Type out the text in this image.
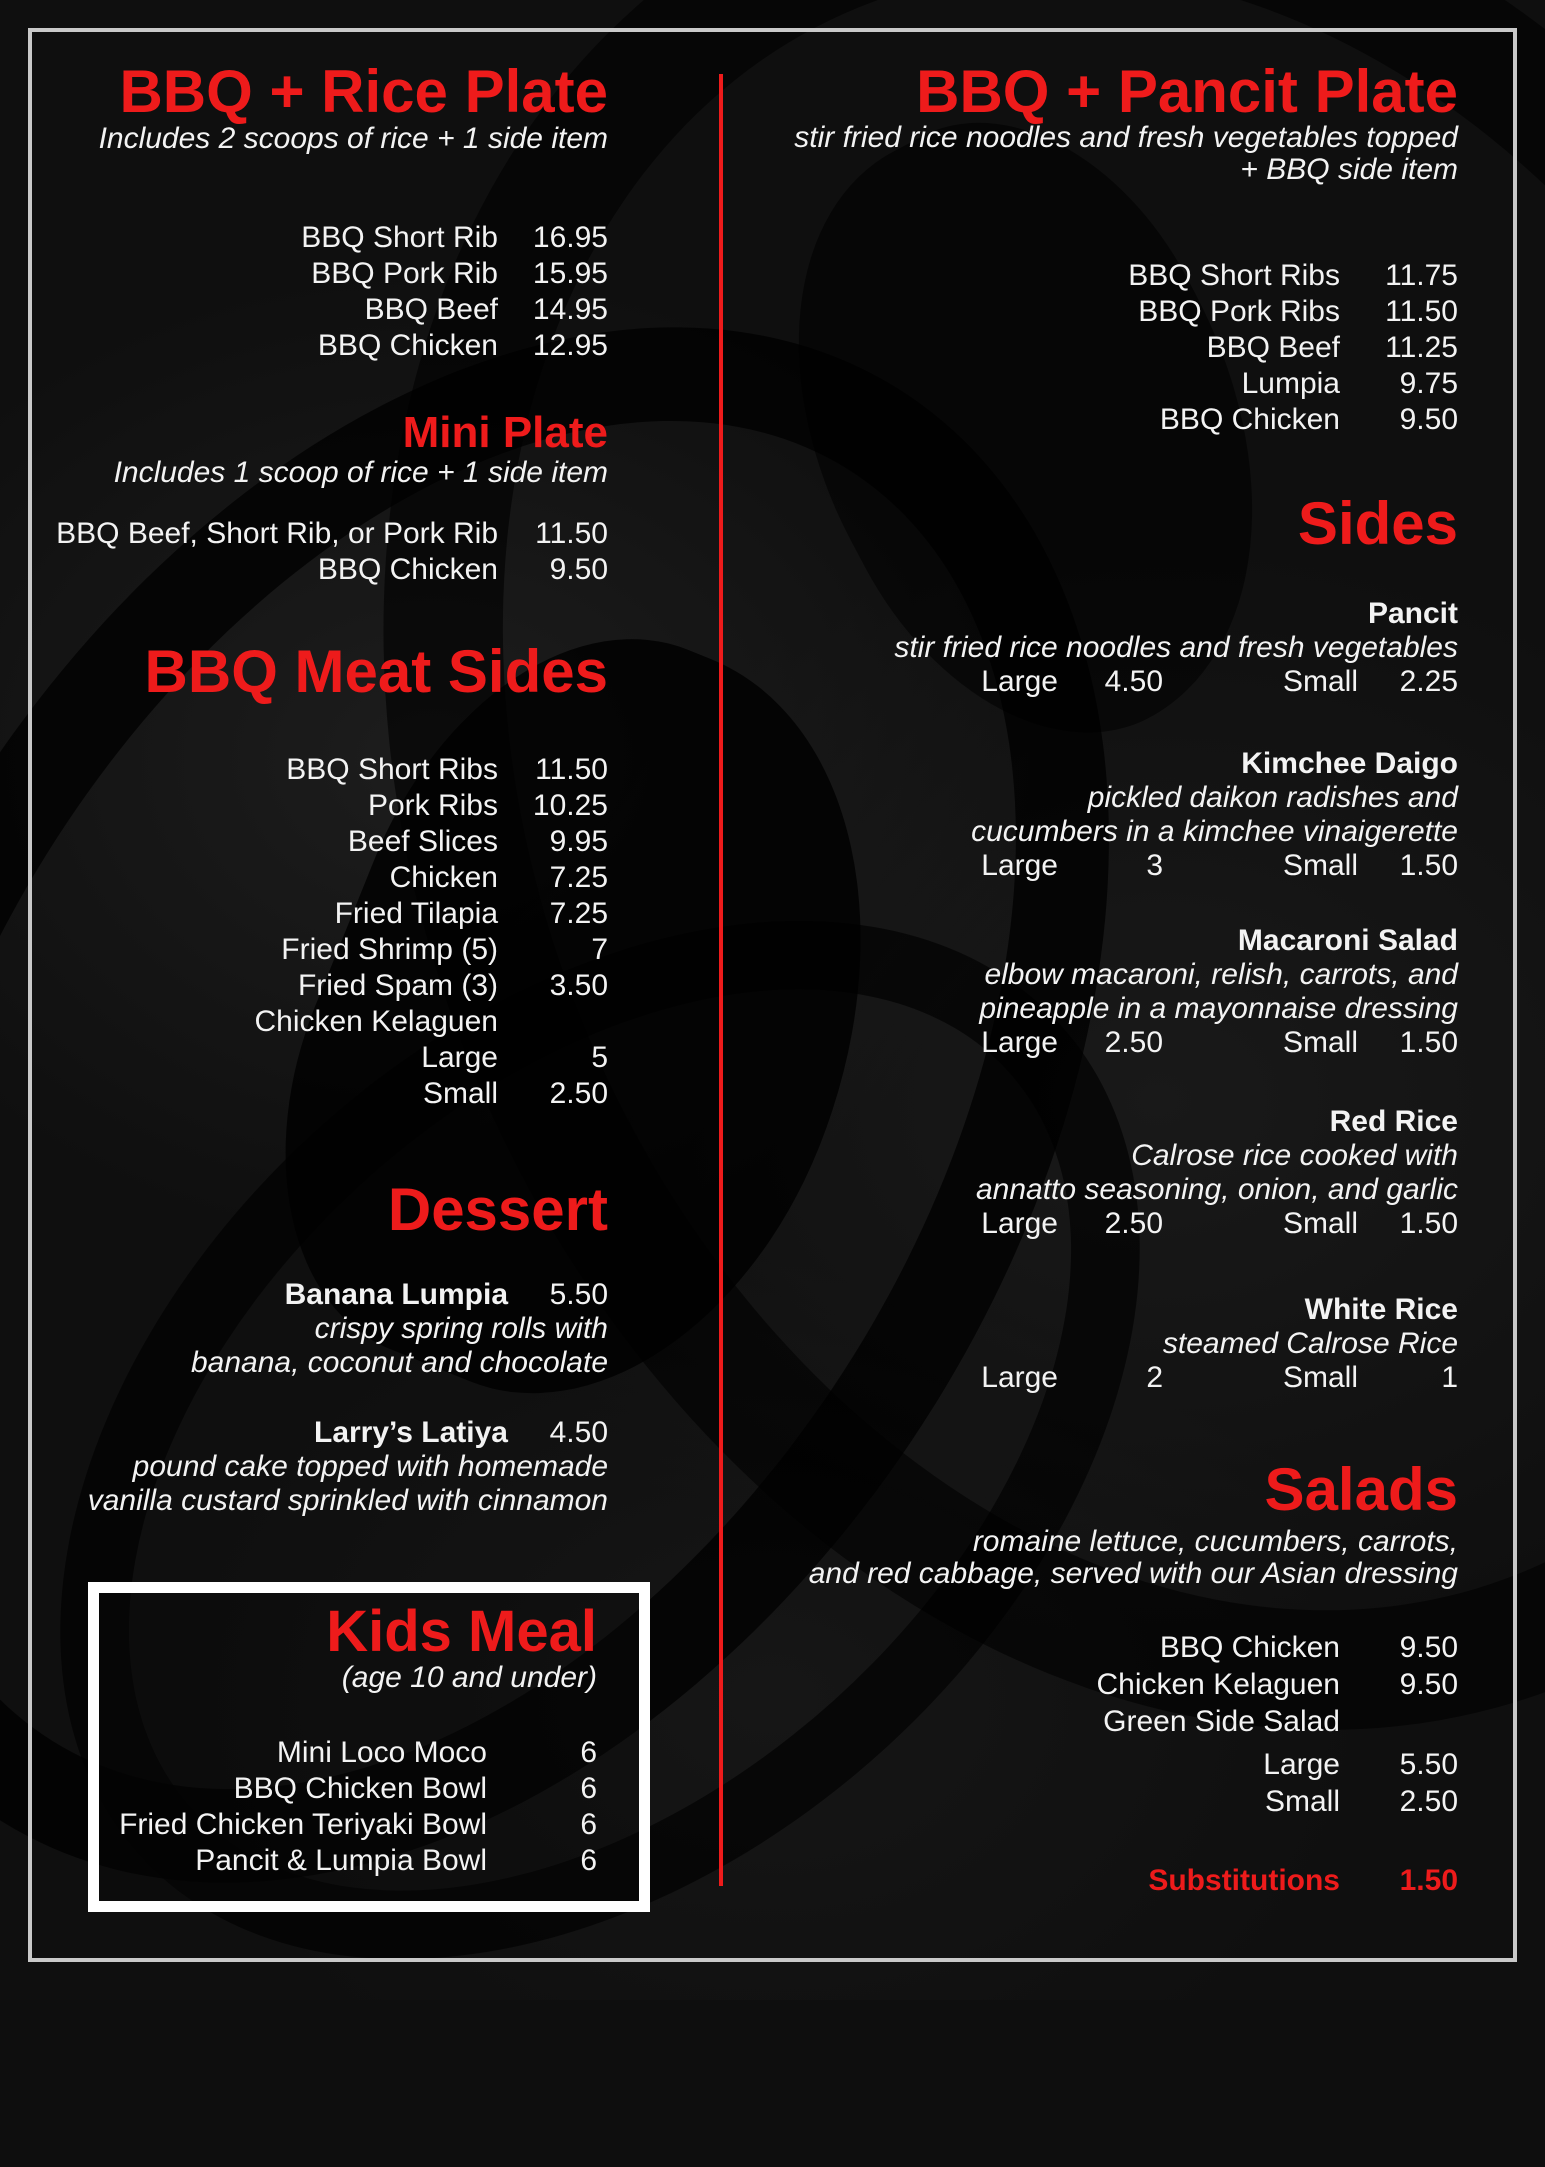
BBQ + Rice Plate
Includes 2 scoops of rice + 1 side item
BBQ Short Rib 16.95
BBQ Pork Rib 15.95
BBQ Beef 14.95
BBQ Chicken 12.95
Mini Plate
Includes 1 scoop of rice + 1 side item
BBQ Beef, Short Rib, or Pork Rib 11.50
BBQ Chicken 9.50
BBQ Meat Sides
BBQ Short Ribs 11.50
Pork Ribs 10.25
Beef Slices 9.95
Chicken 7.25
Fried Tilapia 7.25
Fried Shrimp (5)	7
Fried Spam (3) 3.50
Chicken Kelaguen
Large	5
Small 2.50
Dessert
Banana Lumpia 5.50
crispy spring rolls with
banana, coconut and chocolate
Larry’s Latiya 4.50
pound cake topped with homemade
vanilla custard sprinkled with cinnamon
Kids Meal
(age 10 and under)
Mini Loco Moco	6
BBQ Chicken Bowl	6
Fried Chicken Teriyaki Bowl	6
Pancit & Lumpia Bowl	6
BBQ + Pancit Plate
stir fried rice noodles and fresh vegetables topped
+ BBQ side item
BBQ Short Ribs 11.75
BBQ Pork Ribs 11.50
BBQ Beef 11.25
Lumpia 9.75
BBQ Chicken 9.50
Sides
Pancit
stir fried rice noodles and fresh vegetables
Large	4.50	Small	2.25
Kimchee Daigo
pickled daikon radishes and
cucumbers in a kimchee vinaigerette
Large	3	Small	1.50
Macaroni Salad
elbow macaroni, relish, carrots, and
pineapple in a mayonnaise dressing
Large	2.50	Small	1.50
Red Rice
Calrose rice cooked with
annatto seasoning, onion, and garlic
Large	2.50	Small	1.50
White Rice
steamed Calrose Rice
Large	2	Small	1
Salads
romaine lettuce, cucumbers, carrots,
and red cabbage, served with our Asian dressing
BBQ Chicken 9.50
Chicken Kelaguen 9.50
Green Side Salad
Large 5.50
Small 2.50
Substitutions 1.50
